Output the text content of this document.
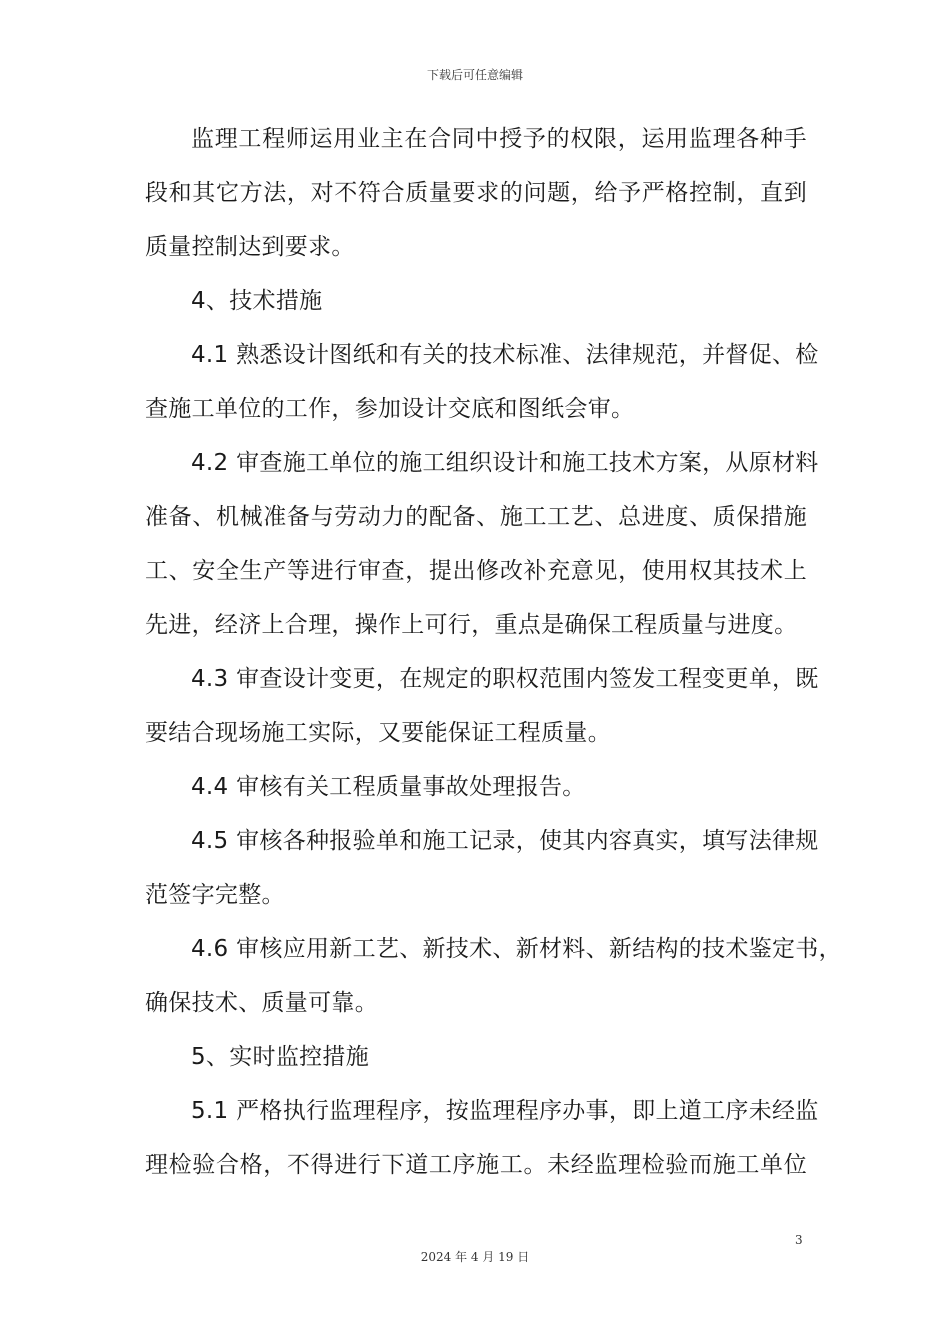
下载后可任意编辑
监理工程师运用业主在合同中授予的权限，运用监理各种手
段和其它方法，对不符合质量要求的问题，给予严格控制，直到
质量控制达到要求。
4、技术措施
4.1 熟悉设计图纸和有关的技术标准、法律规范，并督促、检
查施工单位的工作，参加设计交底和图纸会审。
4.2 审查施工单位的施工组织设计和施工技术方案，从原材料
准备、机械准备与劳动力的配备、施工工艺、总进度、质保措施
工、安全生产等进行审查，提出修改补充意见，使用权其技术上
先进，经济上合理，操作上可行，重点是确保工程质量与进度。
4.3 审查设计变更，在规定的职权范围内签发工程变更单，既
要结合现场施工实际，又要能保证工程质量。
4.4 审核有关工程质量事故处理报告。
4.5 审核各种报验单和施工记录，使其内容真实，填写法律规
范签字完整。
4.6 审核应用新工艺、新技术、新材料、新结构的技术鉴定书，
确保技术、质量可靠。
5、实时监控措施
5.1 严格执行监理程序，按监理程序办事，即上道工序未经监
理检验合格，不得进行下道工序施工。未经监理检验而施工单位
3
2024 年 4 月 19 日
